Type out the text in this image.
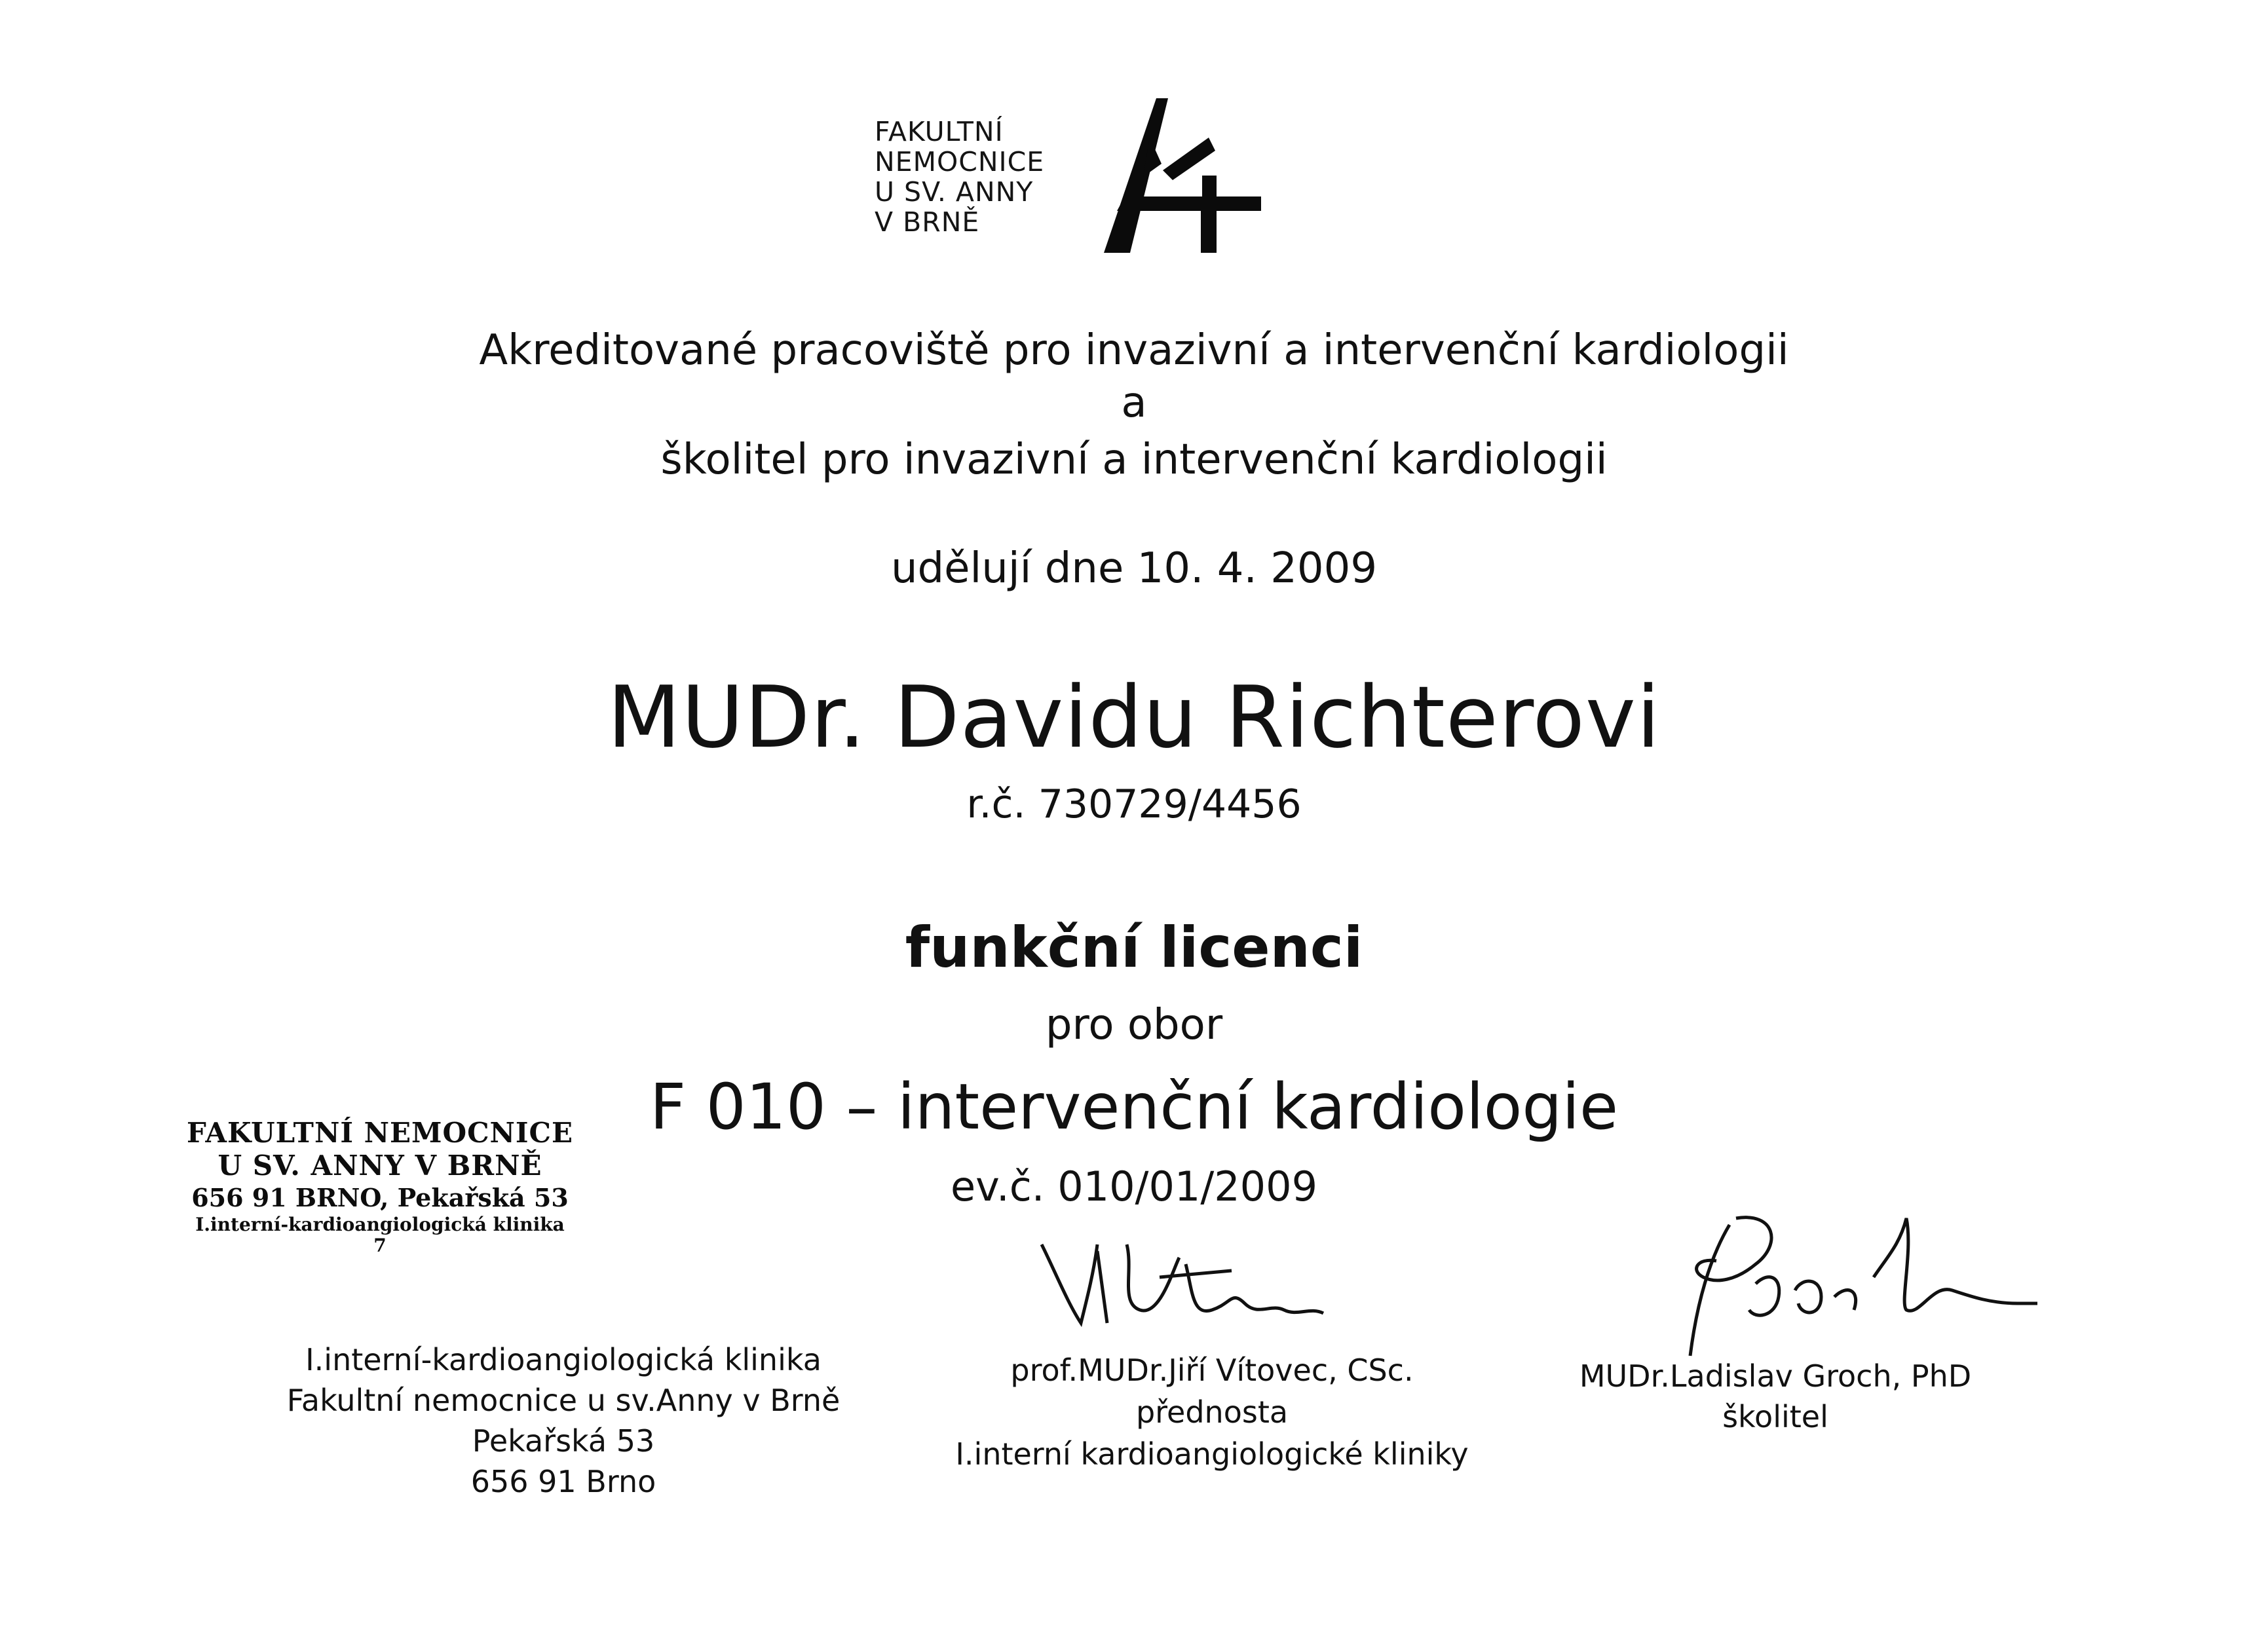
FAKULTNÍ
NEMOCNICE
U SV. ANNY
V BRNĚ
Akreditované pracoviště pro invazivní a intervenční kardiologii
a
školitel pro invazivní a intervenční kardiologii
udělují dne 10. 4. 2009
MUDr. Davidu Richterovi
r.č. 730729/4456
funkční licenci
pro obor
F 010 – intervenční kardiologie
ev.č. 010/01/2009
FAKULTNÍ NEMOCNICE
U SV. ANNY V BRNĚ
656 91 BRNO, Pekařská 53
I.interní-kardioangiologická klinika
7
I.interní-kardioangiologická klinika
Fakultní nemocnice u sv.Anny v Brně
Pekařská 53
656 91 Brno
prof.MUDr.Jiří Vítovec, CSc.
přednosta
I.interní kardioangiologické kliniky
MUDr.Ladislav Groch, PhD
školitel
